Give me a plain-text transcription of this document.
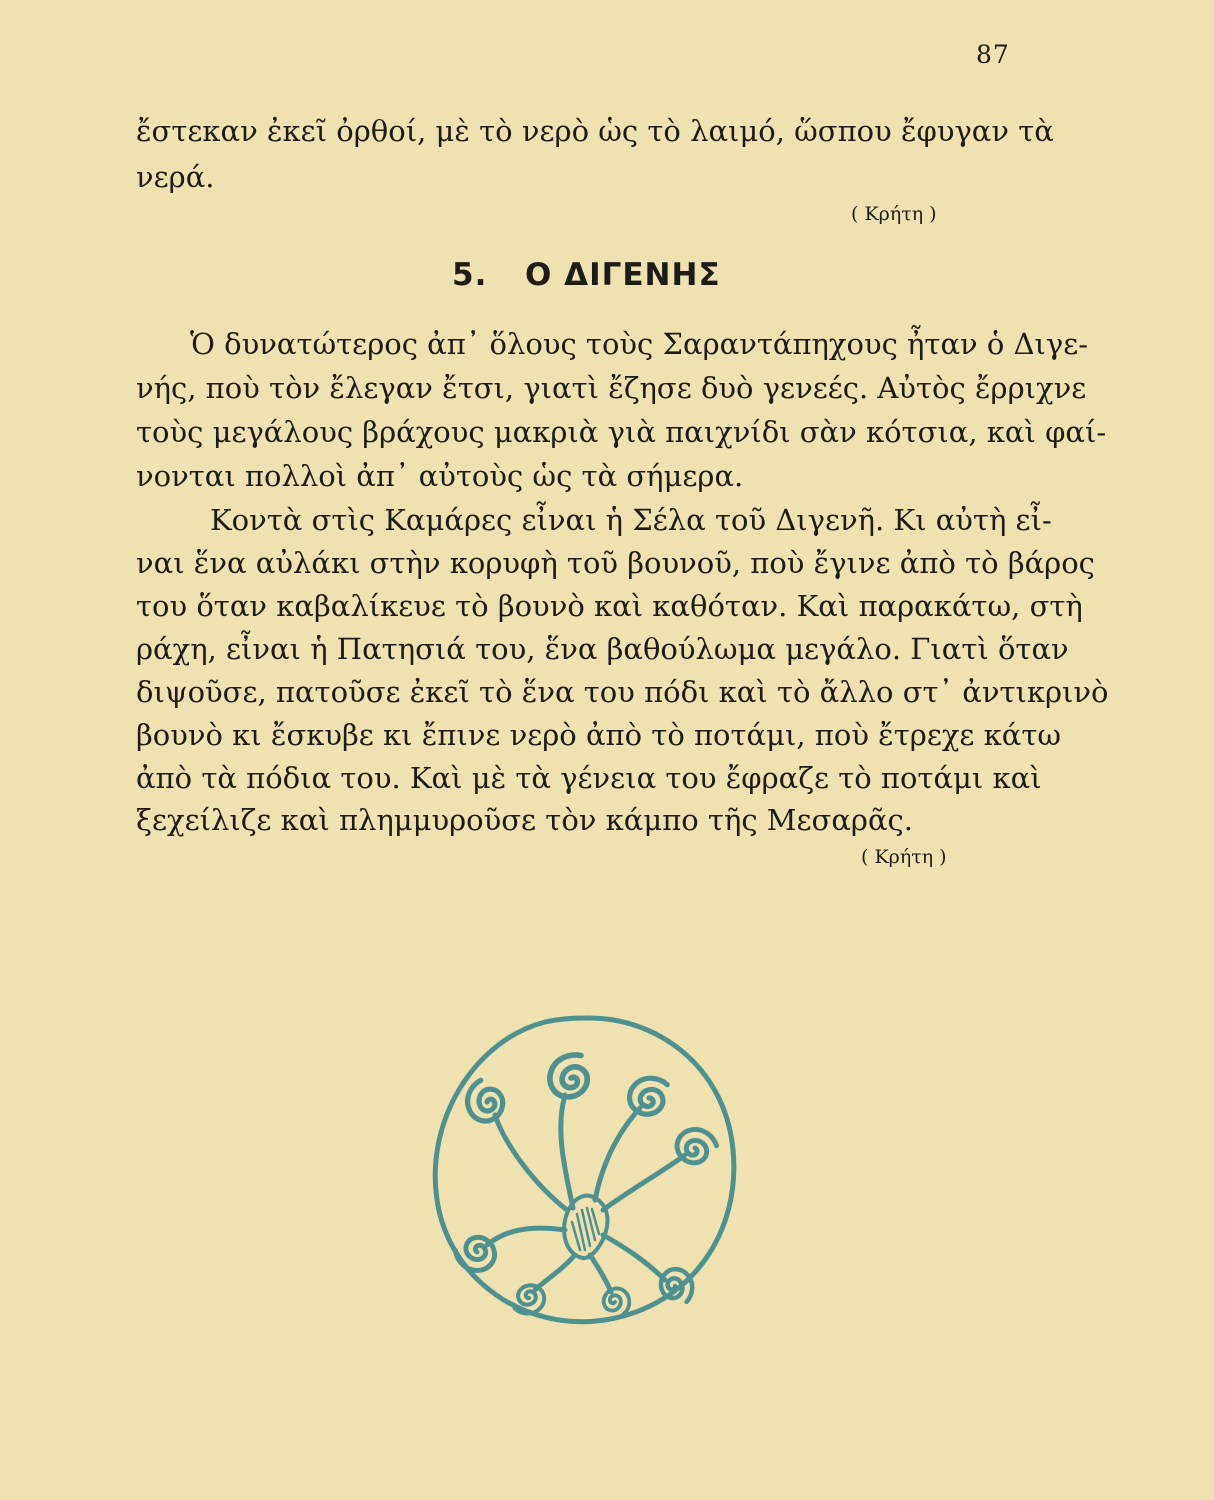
87
ἔστεκαν ἐκεῖ ὀρθοί, μὲ τὸ νερὸ ὡς τὸ λαιμό, ὥσπου ἔφυγαν τὰ
νερά.
( Κρήτη )
5. Ο ΔΙΓΕΝΗΣ
Ὁ δυνατώτερος ἀπ᾽ ὅλους τοὺς Σαραντάπηχους ἦταν ὁ Διγε-
νής, ποὺ τὸν ἔλεγαν ἔτσι, γιατὶ ἔζησε δυὸ γενεές. Αὐτὸς ἔρριχνε
τοὺς μεγάλους βράχους μακριὰ γιὰ παιχνίδι σὰν κότσια, καὶ φαί-
νονται πολλοὶ ἀπ᾽ αὐτοὺς ὡς τὰ σήμερα.
Κοντὰ στὶς Καμάρες εἶναι ἡ Σέλα τοῦ Διγενῆ. Κι αὐτὴ εἶ-
ναι ἕνα αὐλάκι στὴν κορυφὴ τοῦ βουνοῦ, ποὺ ἔγινε ἀπὸ τὸ βάρος
του ὅταν καβαλίκευε τὸ βουνὸ καὶ καθόταν. Καὶ παρακάτω, στὴ
ράχη, εἶναι ἡ Πατησιά του, ἕνα βαθούλωμα μεγάλο. Γιατὶ ὅταν
διψοῦσε, πατοῦσε ἐκεῖ τὸ ἕνα του πόδι καὶ τὸ ἄλλο στ᾽ ἀντικρινὸ
βουνὸ κι ἔσκυβε κι ἔπινε νερὸ ἀπὸ τὸ ποτάμι, ποὺ ἔτρεχε κάτω
ἀπὸ τὰ πόδια του. Καὶ μὲ τὰ γένεια του ἔφραζε τὸ ποτάμι καὶ
ξεχείλιζε καὶ πλημμυροῦσε τὸν κάμπο τῆς Μεσαρᾶς.
( Κρήτη )
